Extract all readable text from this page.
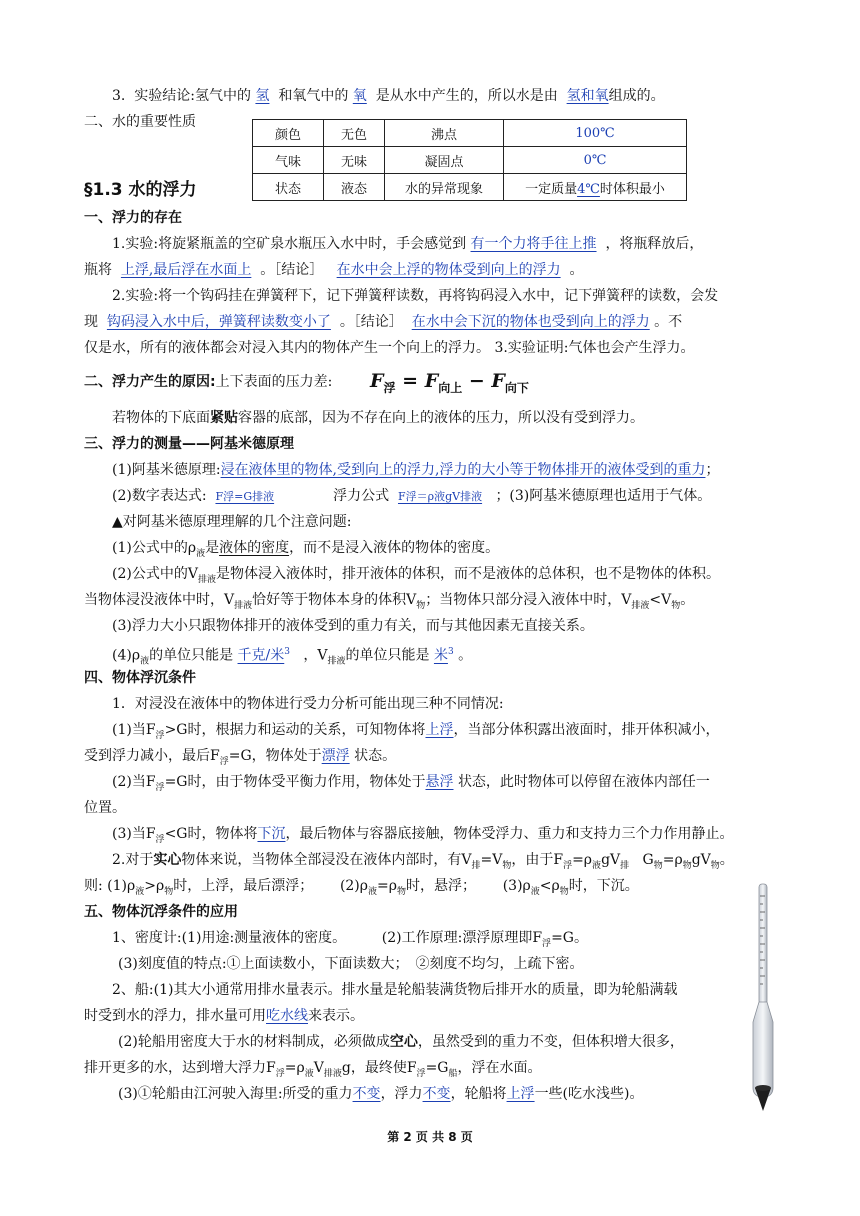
3. 实验结论:氢气中的 氢 和氧气中的 氧 是从水中产生的，所以水是由 氢和氧组成的。
二、水的重要性质
颜色	无色	沸点	100℃
气味	无味	凝固点	0℃
状态	液态	水的异常现象	一定质量4℃时体积最小
§1.3 水的浮力
一、浮力的存在
1.实验:将旋紧瓶盖的空矿泉水瓶压入水中时，手会感觉到 有一个力将手往上推 ，将瓶释放后，
瓶将 上浮,最后浮在水面上 。［结论］ 在水中会上浮的物体受到向上的浮力 。
2.实验:将一个钩码挂在弹簧秤下，记下弹簧秤读数，再将钩码浸入水中，记下弹簧秤的读数，会发
现 钩码浸入水中后，弹簧秤读数变小了 。［结论］ 在水中会下沉的物体也受到向上的浮力 。不
仅是水，所有的液体都会对浸入其内的物体产生一个向上的浮力。 3.实验证明:气体也会产生浮力。
二、浮力产生的原因:上下表面的压力差: $F_浮 = F_{向上} - F_{向下}$
若物体的下底面紧贴容器的底部，因为不存在向上的液体的压力，所以没有受到浮力。
三、浮力的测量——阿基米德原理
(1)阿基米德原理:浸在液体里的物体,受到向上的浮力,浮力的大小等于物体排开的液体受到的重力；
(2)数字表达式: F浮=G排液	浮力公式 F浮＝ρ液gV排液 ；(3)阿基米德原理也适用于气体。
▲对阿基米德原理理解的几个注意问题:
(1)公式中的$\rho_液$是液体的密度，而不是浸入液体的物体的密度。
(2)公式中的$V_{排液}$是物体浸入液体时，排开液体的体积，而不是液体的总体积，也不是物体的体积。
当物体浸没液体中时，$V_{排液}$恰好等于物体本身的体积$V_物$；当物体只部分浸入液体中时，$V_{排液}<V_物$。
(3)浮力大小只跟物体排开的液体受到的重力有关，而与其他因素无直接关系。
$(4)\rho_液$的单位只能是 千克/米$^3$ ，$V_{排液}$的单位只能是 米$^3$ 。
四、物体浮沉条件
1．对浸没在液体中的物体进行受力分析可能出现三种不同情况:
(1)当$F_浮>G$时，根据力和运动的关系，可知物体将上浮，当部分体积露出液面时，排开体积减小，
受到浮力减小，最后$F_浮=G$，物体处于漂浮 状态。
(2)当$F_浮=G$时，由于物体受平衡力作用，物体处于悬浮 状态，此时物体可以停留在液体内部任一
位置。
(3)当$F_浮<G$时，物体将下沉，最后物体与容器底接触，物体受浮力、重力和支持力三个力作用静止。
2.对于实心物体来说，当物体全部浸没在液体内部时，有$V_排=V_物$，由于$F_浮=\rho_液gV_排$ $G_物=\rho_物gV_物$。
则: $(1)\rho_液>\rho_物$时，上浮，最后漂浮； $(2)\rho_液=\rho_物$时，悬浮； $(3)\rho_液<\rho_物$时，下沉。
五、物体沉浮条件的应用
1、密度计:(1)用途:测量液体的密度。	(2)工作原理:漂浮原理即$F_浮=G$。
(3)刻度值的特点:①上面读数小，下面读数大；　②刻度不均匀，上疏下密。
2、船:(1)其大小通常用排水量表示。排水量是轮船装满货物后排开水的质量，即为轮船满载
时受到水的浮力，排水量可用吃水线来表示。
(2)轮船用密度大于水的材料制成，必须做成空心，虽然受到的重力不变，但体积增大很多，
排开更多的水，达到增大浮力$F_浮=\rho_液V_{排液}g$，最终使$F_浮=G_船$，浮在水面。
(3)①轮船由江河驶入海里:所受的重力不变，浮力不变，轮船将上浮一些(吃水浅些)。
第 2 页 共 8 页
